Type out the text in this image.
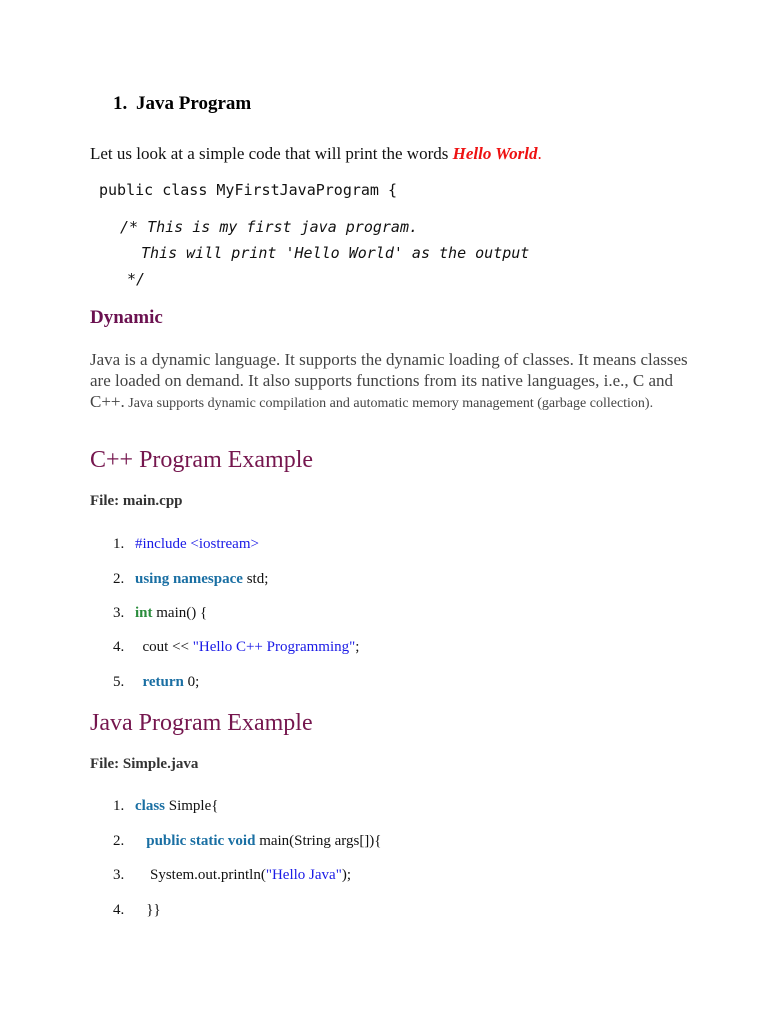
1. Java Program
Let us look at a simple code that will print the words Hello World.
public class MyFirstJavaProgram {
/* This is my first java program.
This will print 'Hello World' as the output
*/
Dynamic
Java is a dynamic language. It supports the dynamic loading of classes. It means classes are loaded on demand. It also supports functions from its native languages, i.e., C and C++. Java supports dynamic compilation and automatic memory management (garbage collection).
C++ Program Example
File: main.cpp
1. #include <iostream>
2. using namespace std;
3. int main() {
4. cout << "Hello C++ Programming";
5.	return 0;
Java Program Example
File: Simple.java
1. class Simple{
2.	public static void main(String args[]){
3. System.out.println("Hello Java");
4. }}
